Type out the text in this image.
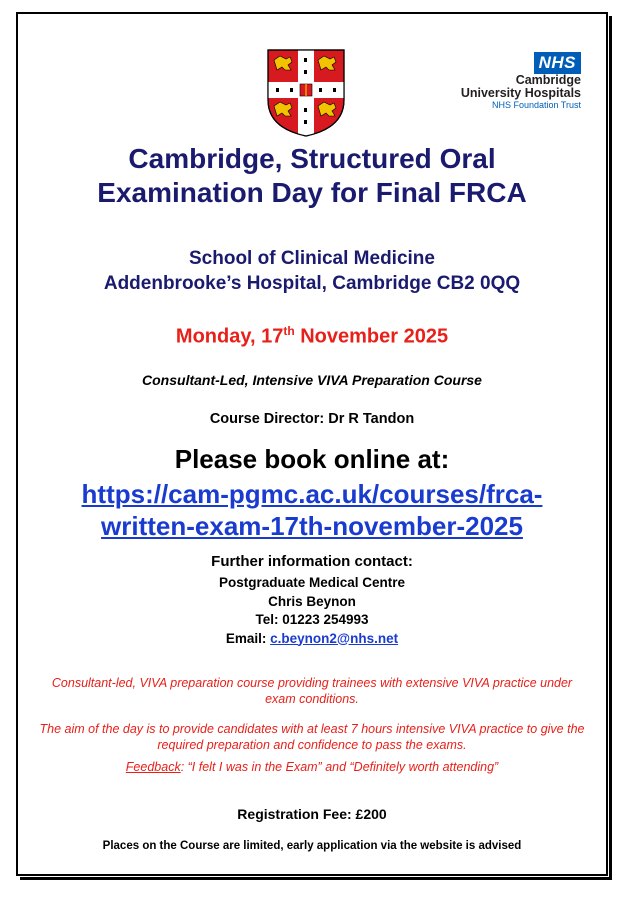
NHS
Cambridge
University Hospitals
NHS Foundation Trust
Cambridge, Structured Oral
Examination Day for Final FRCA
School of Clinical Medicine
Addenbrooke’s Hospital, Cambridge CB2 0QQ
Monday, 17th November 2025
Consultant-Led, Intensive VIVA Preparation Course
Course Director: Dr R Tandon
Please book online at:
https://cam-pgmc.ac.uk/courses/frca-
written-exam-17th-november-2025
Further information contact:
Postgraduate Medical Centre
Chris Beynon
Tel: 01223 254993
Email: c.beynon2@nhs.net
Consultant-led, VIVA preparation course providing trainees with extensive VIVA practice under exam conditions.
The aim of the day is to provide candidates with at least 7 hours intensive VIVA practice to give the required preparation and confidence to pass the exams.
Feedback: “I felt I was in the Exam” and “Definitely worth attending”
Registration Fee: £200
Places on the Course are limited, early application via the website is advised
